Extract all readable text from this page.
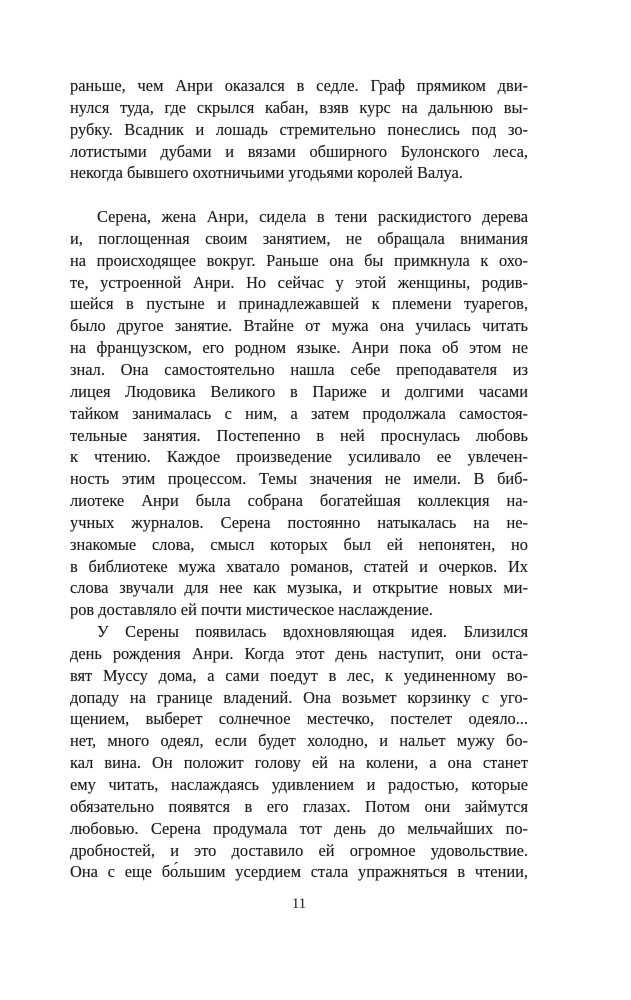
раньше, чем Анри оказался в седле. Граф прямиком дви-
нулся туда, где скрылся кабан, взяв курс на дальнюю вы-
рубку. Всадник и лошадь стремительно понеслись под зо-
лотистыми дубами и вязами обширного Булонского леса,
некогда бывшего охотничьими угодьями королей Валуа.
Серена, жена Анри, сидела в тени раскидистого дерева
и, поглощенная своим занятием, не обращала внимания
на происходящее вокруг. Раньше она бы примкнула к охо-
те, устроенной Анри. Но сейчас у этой женщины, родив-
шейся в пустыне и принадлежавшей к племени туарегов,
было другое занятие. Втайне от мужа она училась читать
на французском, его родном языке. Анри пока об этом не
знал. Она самостоятельно нашла себе преподавателя из
лицея Людовика Великого в Париже и долгими часами
тайком занималась с ним, а затем продолжала самостоя-
тельные занятия. Постепенно в ней проснулась любовь
к чтению. Каждое произведение усиливало ее увлечен-
ность этим процессом. Темы значения не имели. В биб-
лиотеке Анри была собрана богатейшая коллекция на-
учных журналов. Серена постоянно натыкалась на не-
знакомые слова, смысл которых был ей непонятен, но
в библиотеке мужа хватало романов, статей и очерков. Их
слова звучали для нее как музыка, и открытие новых ми-
ров доставляло ей почти мистическое наслаждение.
У Серены появилась вдохновляющая идея. Близился
день рождения Анри. Когда этот день наступит, они оста-
вят Муссу дома, а сами поедут в лес, к уединенному во-
допаду на границе владений. Она возьмет корзинку с уго-
щением, выберет солнечное местечко, постелет одеяло...
нет, много одеял, если будет холодно, и нальет мужу бо-
кал вина. Он положит голову ей на колени, а она станет
ему читать, наслаждаясь удивлением и радостью, которые
обязательно появятся в его глазах. Потом они займутся
любовью. Серена продумала тот день до мельчайших по-
дробностей, и это доставило ей огромное удовольствие.
Она с еще бо́льшим усердием стала упражняться в чтении,
11
